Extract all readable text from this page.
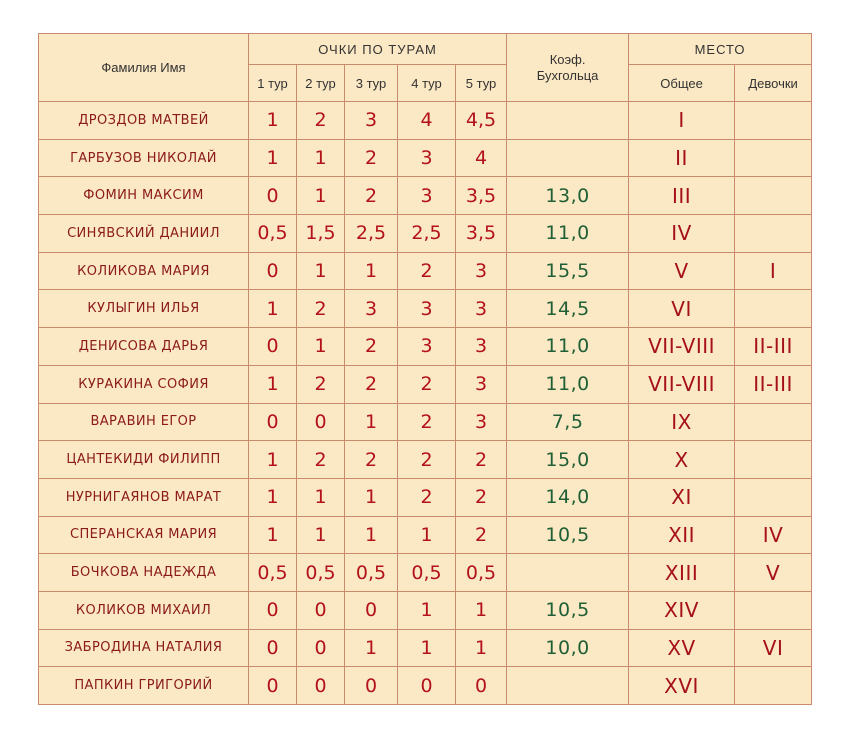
Фамилия Имя	ОЧКИ ПО ТУРАМ					Коэф. Бухгольца	МЕСТО	
	1 тур	2 тур	3 тур	4 тур	5 тур		Общее	Девочки
ДРОЗДОВ МАТВЕЙ	1	2	3	4	4,5		I	
ГАРБУЗОВ НИКОЛАЙ	1	1	2	3	4		II	
ФОМИН МАКСИМ	0	1	2	3	3,5	13,0	III	
СИНЯВСКИЙ ДАНИИЛ	0,5	1,5	2,5	2,5	3,5	11,0	IV	
КОЛИКОВА МАРИЯ	0	1	1	2	3	15,5	V	I
КУЛЫГИН ИЛЬЯ	1	2	3	3	3	14,5	VI	
ДЕНИСОВА ДАРЬЯ	0	1	2	3	3	11,0	VII-VIII	II-III
КУРАКИНА СОФИЯ	1	2	2	2	3	11,0	VII-VIII	II-III
ВАРАВИН ЕГОР	0	0	1	2	3	7,5	IX	
ЦАНТЕКИДИ ФИЛИПП	1	2	2	2	2	15,0	X	
НУРНИГАЯНОВ МАРАТ	1	1	1	2	2	14,0	XI	
СПЕРАНСКАЯ МАРИЯ	1	1	1	1	2	10,5	XII	IV
БОЧКОВА НАДЕЖДА	0,5	0,5	0,5	0,5	0,5		XIII	V
КОЛИКОВ МИХАИЛ	0	0	0	1	1	10,5	XIV	
ЗАБРОДИНА НАТАЛИЯ	0	0	1	1	1	10,0	XV	VI
ПАПКИН ГРИГОРИЙ	0	0	0	0	0		XVI	
